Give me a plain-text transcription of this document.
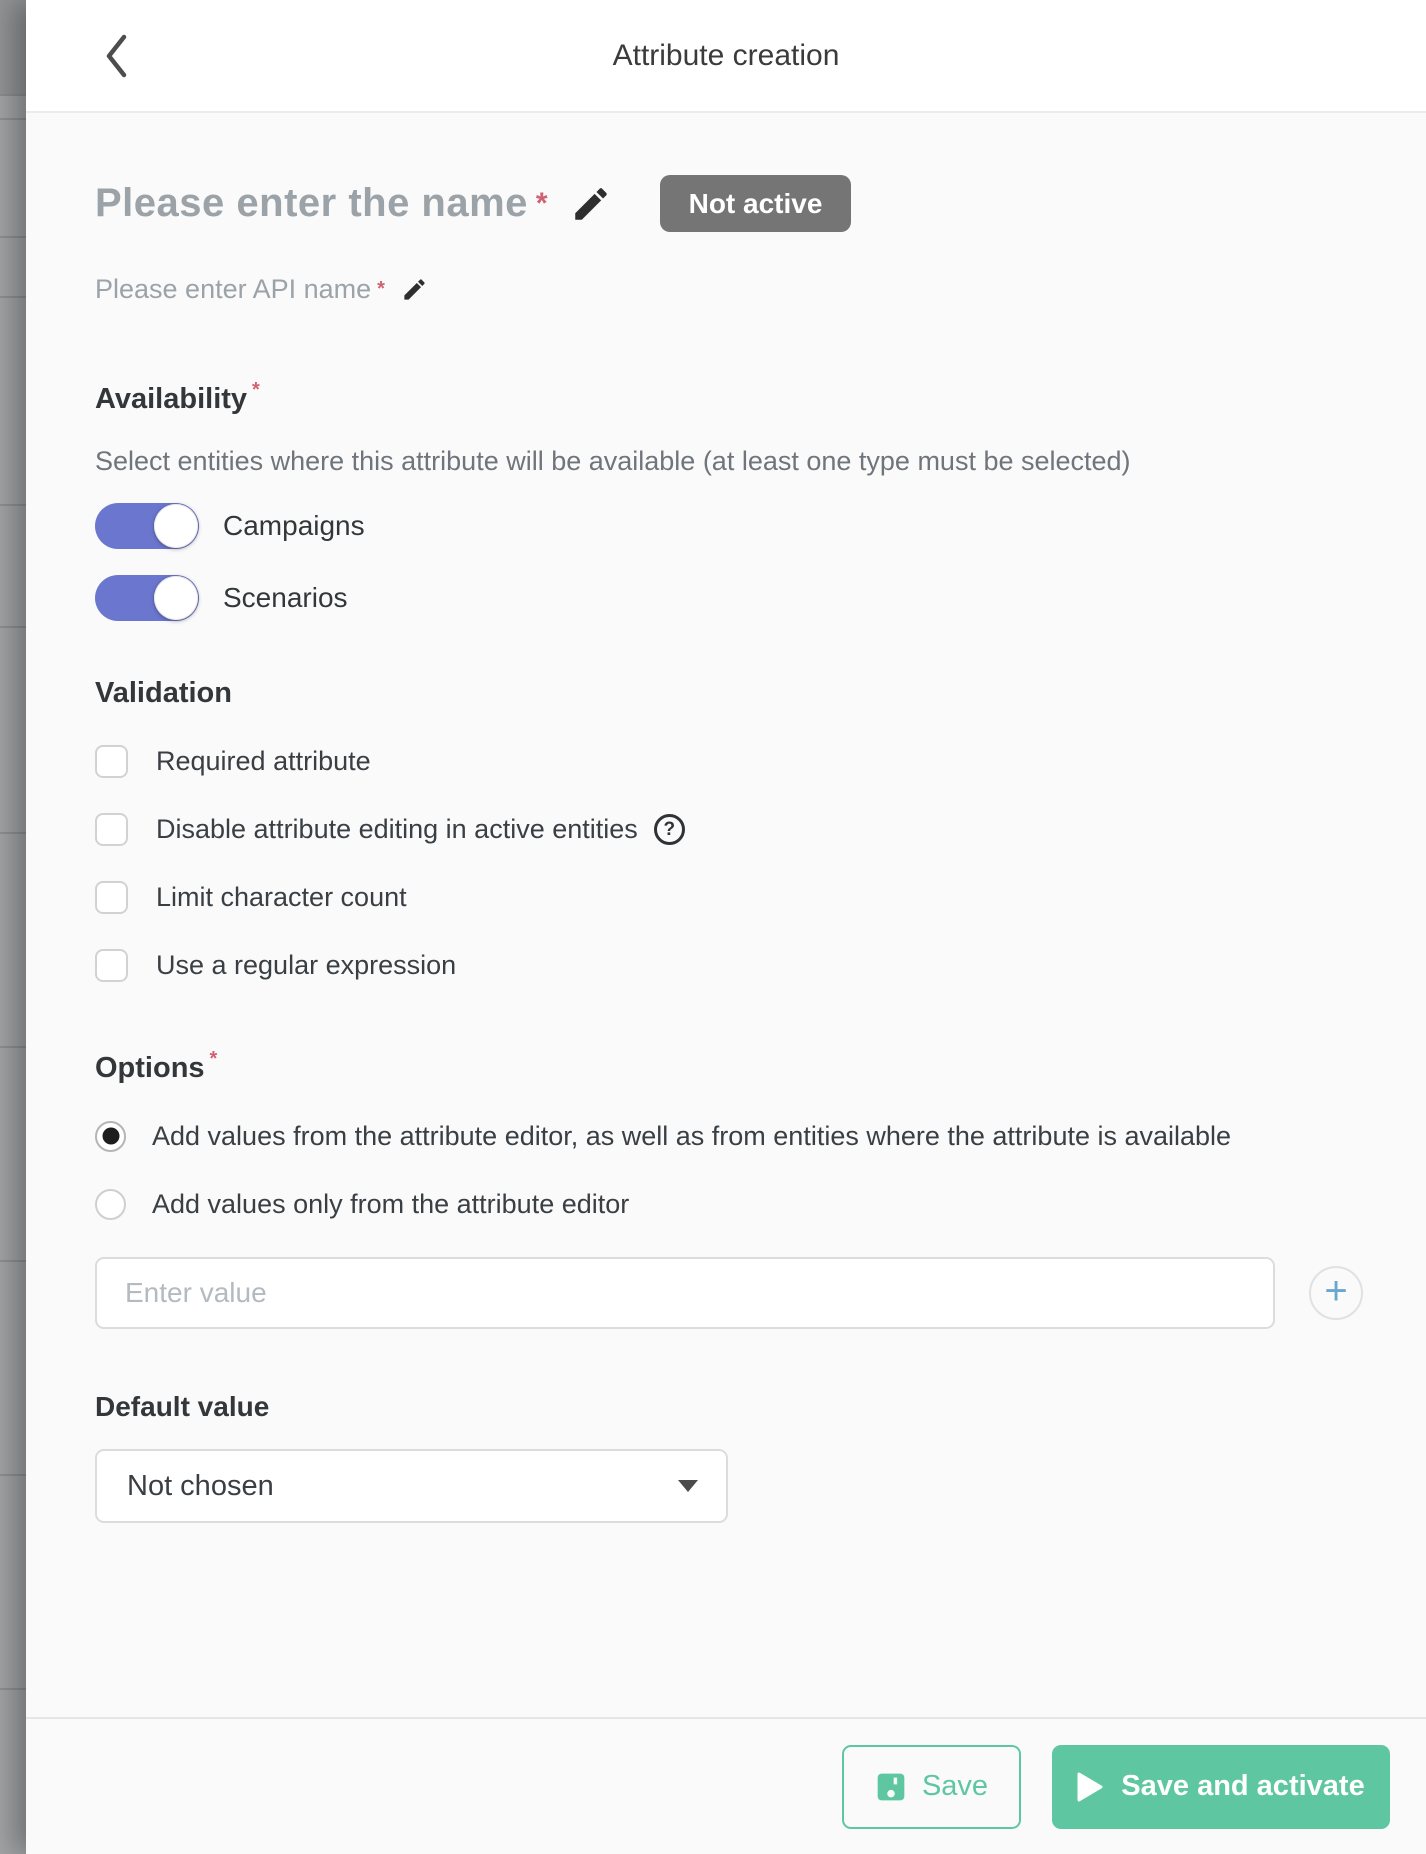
Attribute creation
Please enter the name *	Not active
Please enter API name *
Availability *
Select entities where this attribute will be available (at least one type must be selected)
Campaigns
Scenarios
Validation
Required attribute
Disable attribute editing in active entities	?
Limit character count
Use a regular expression
Options *
Add values from the attribute editor, as well as from entities where the attribute is available
Add values only from the attribute editor
Enter value
+
Default value
Not chosen
Save	Save and activate
